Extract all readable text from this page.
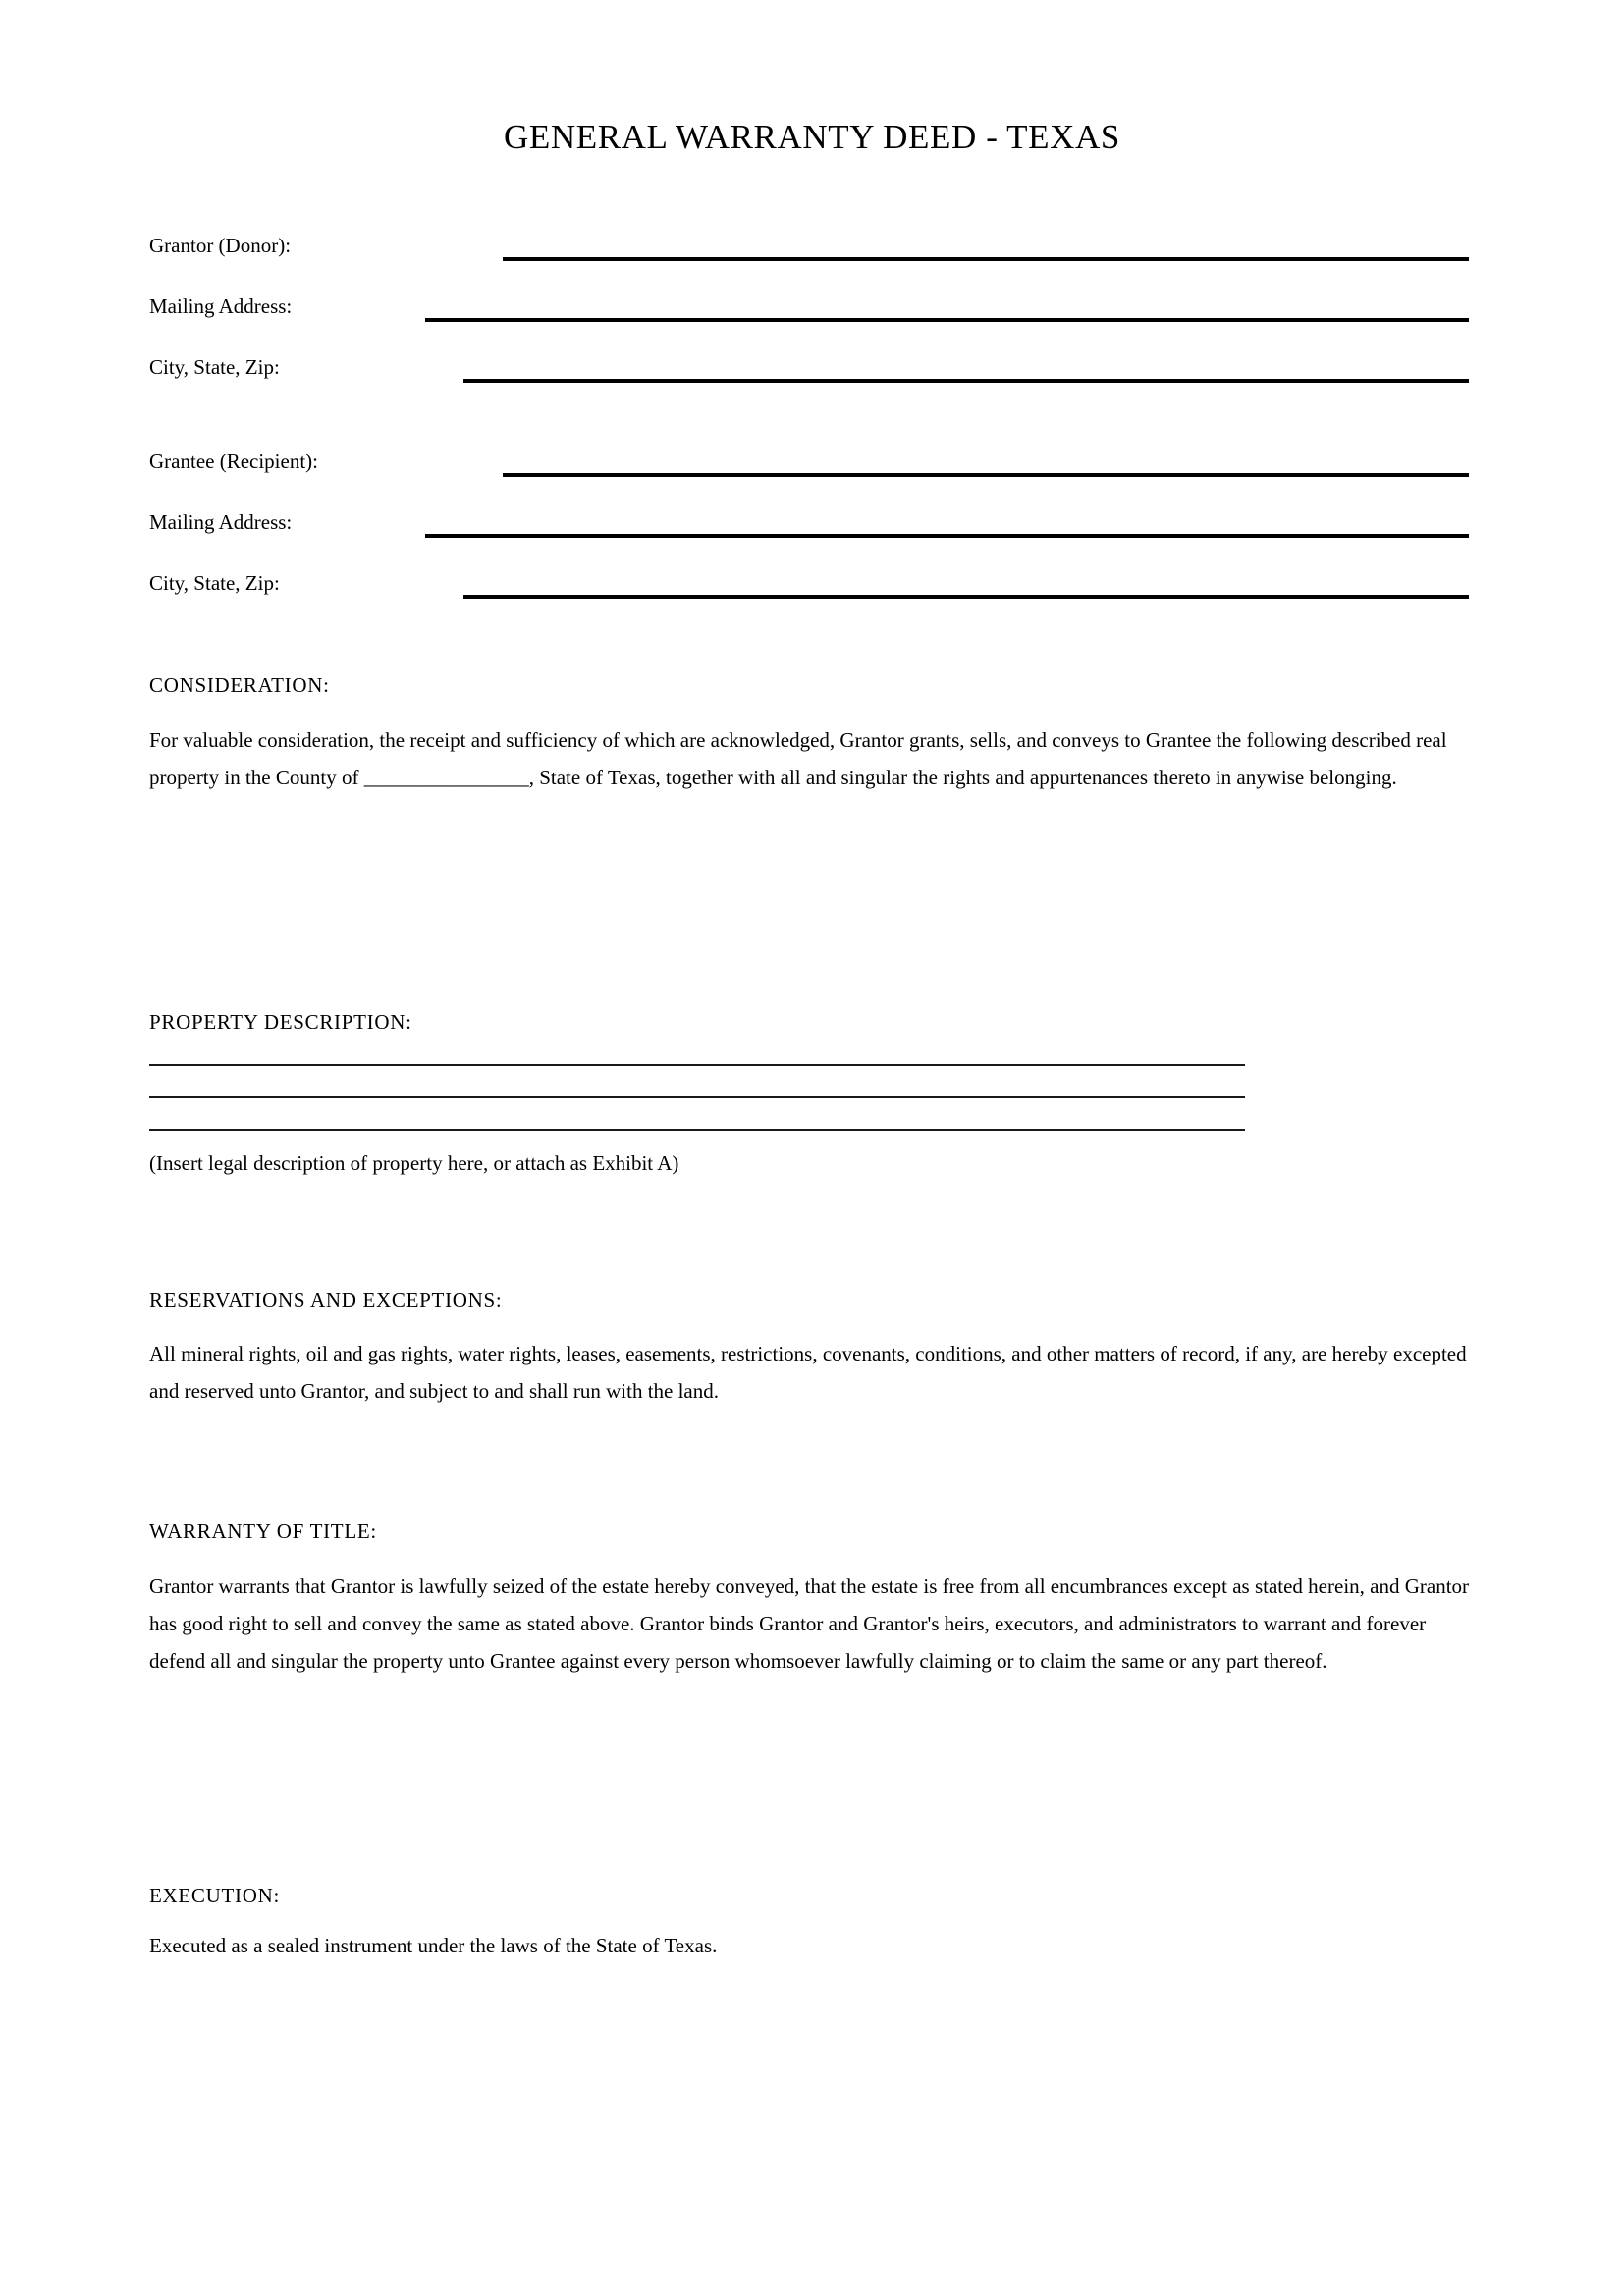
GENERAL WARRANTY DEED - TEXAS
Grantor (Donor):
Mailing Address:
City, State, Zip:
Grantee (Recipient):
Mailing Address:
City, State, Zip:
CONSIDERATION:
For valuable consideration, the receipt and sufficiency of which are acknowledged, Grantor grants, sells, and conveys to Grantee the following described real property in the County of ________________, State of Texas, together with all and singular the rights and appurtenances thereto in anywise belonging.
PROPERTY DESCRIPTION:
(Insert legal description of property here, or attach as Exhibit A)
RESERVATIONS AND EXCEPTIONS:
All mineral rights, oil and gas rights, water rights, leases, easements, restrictions, covenants, conditions, and other matters of record, if any, are hereby excepted and reserved unto Grantor, and subject to and shall run with the land.
WARRANTY OF TITLE:
Grantor warrants that Grantor is lawfully seized of the estate hereby conveyed, that the estate is free from all encumbrances except as stated herein, and Grantor has good right to sell and convey the same as stated above. Grantor binds Grantor and Grantor's heirs, executors, and administrators to warrant and forever defend all and singular the property unto Grantee against every person whomsoever lawfully claiming or to claim the same or any part thereof.
EXECUTION:
Executed as a sealed instrument under the laws of the State of Texas.
